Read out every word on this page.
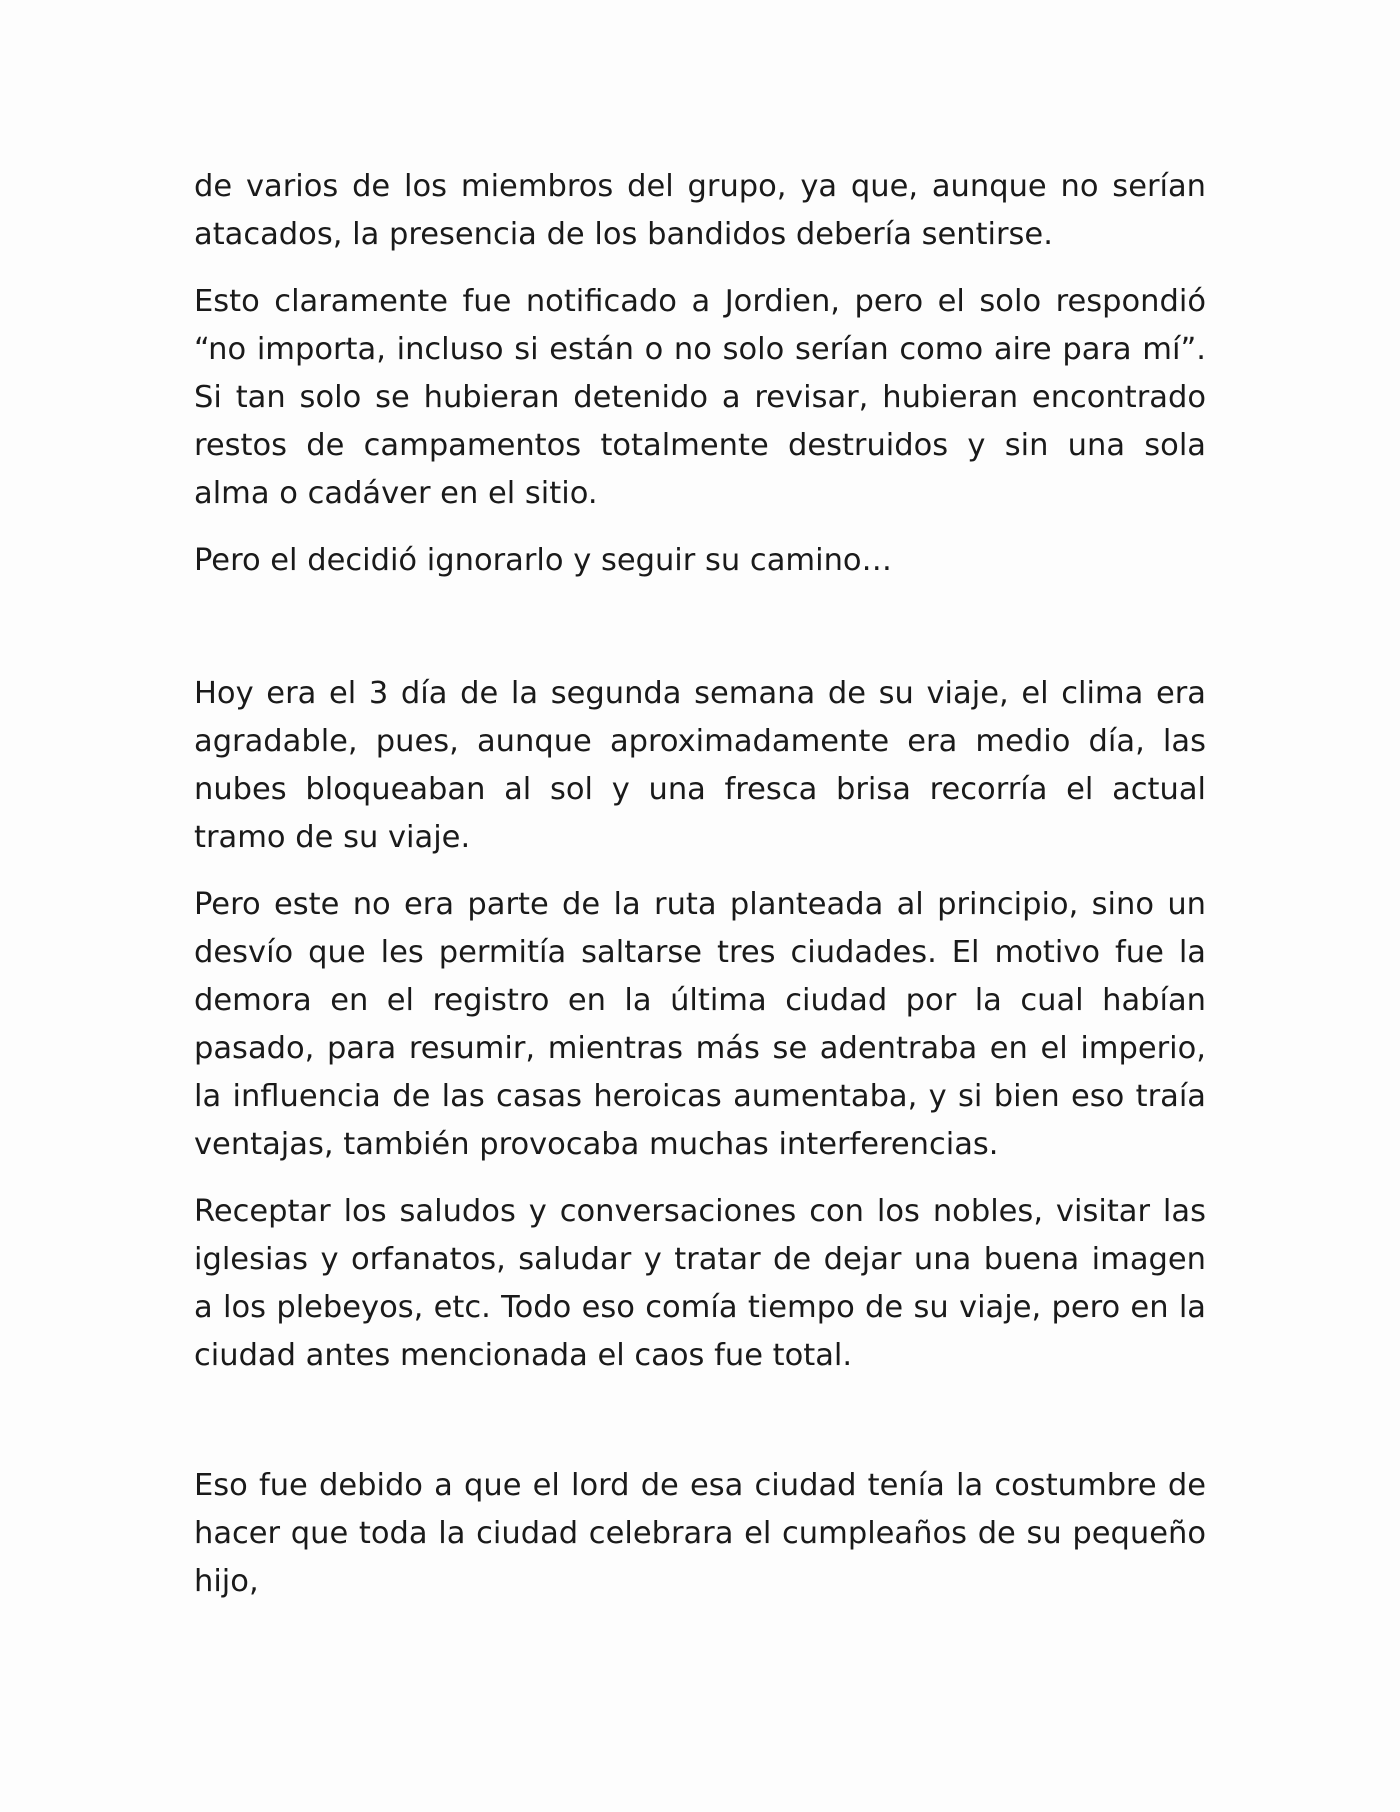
de varios de los miembros del grupo, ya que, aunque no serían atacados, la presencia de los bandidos debería sentirse.

Esto claramente fue notificado a Jordien, pero el solo respondió “no importa, incluso si están o no solo serían como aire para mí”. Si tan solo se hubieran detenido a revisar, hubieran encontrado restos de campamentos totalmente destruidos y sin una sola alma o cadáver en el sitio.

Pero el decidió ignorarlo y seguir su camino…

Hoy era el 3 día de la segunda semana de su viaje, el clima era agradable, pues, aunque aproximadamente era medio día, las nubes bloqueaban al sol y una fresca brisa recorría el actual tramo de su viaje.

Pero este no era parte de la ruta planteada al principio, sino un desvío que les permitía saltarse tres ciudades. El motivo fue la demora en el registro en la última ciudad por la cual habían pasado, para resumir, mientras más se adentraba en el imperio, la influencia de las casas heroicas aumentaba, y si bien eso traía ventajas, también provocaba muchas interferencias.

Receptar los saludos y conversaciones con los nobles, visitar las iglesias y orfanatos, saludar y tratar de dejar una buena imagen a los plebeyos, etc. Todo eso comía tiempo de su viaje, pero en la ciudad antes mencionada el caos fue total.

Eso fue debido a que el lord de esa ciudad tenía la costumbre de hacer que toda la ciudad celebrara el cumpleaños de su pequeño hijo,
